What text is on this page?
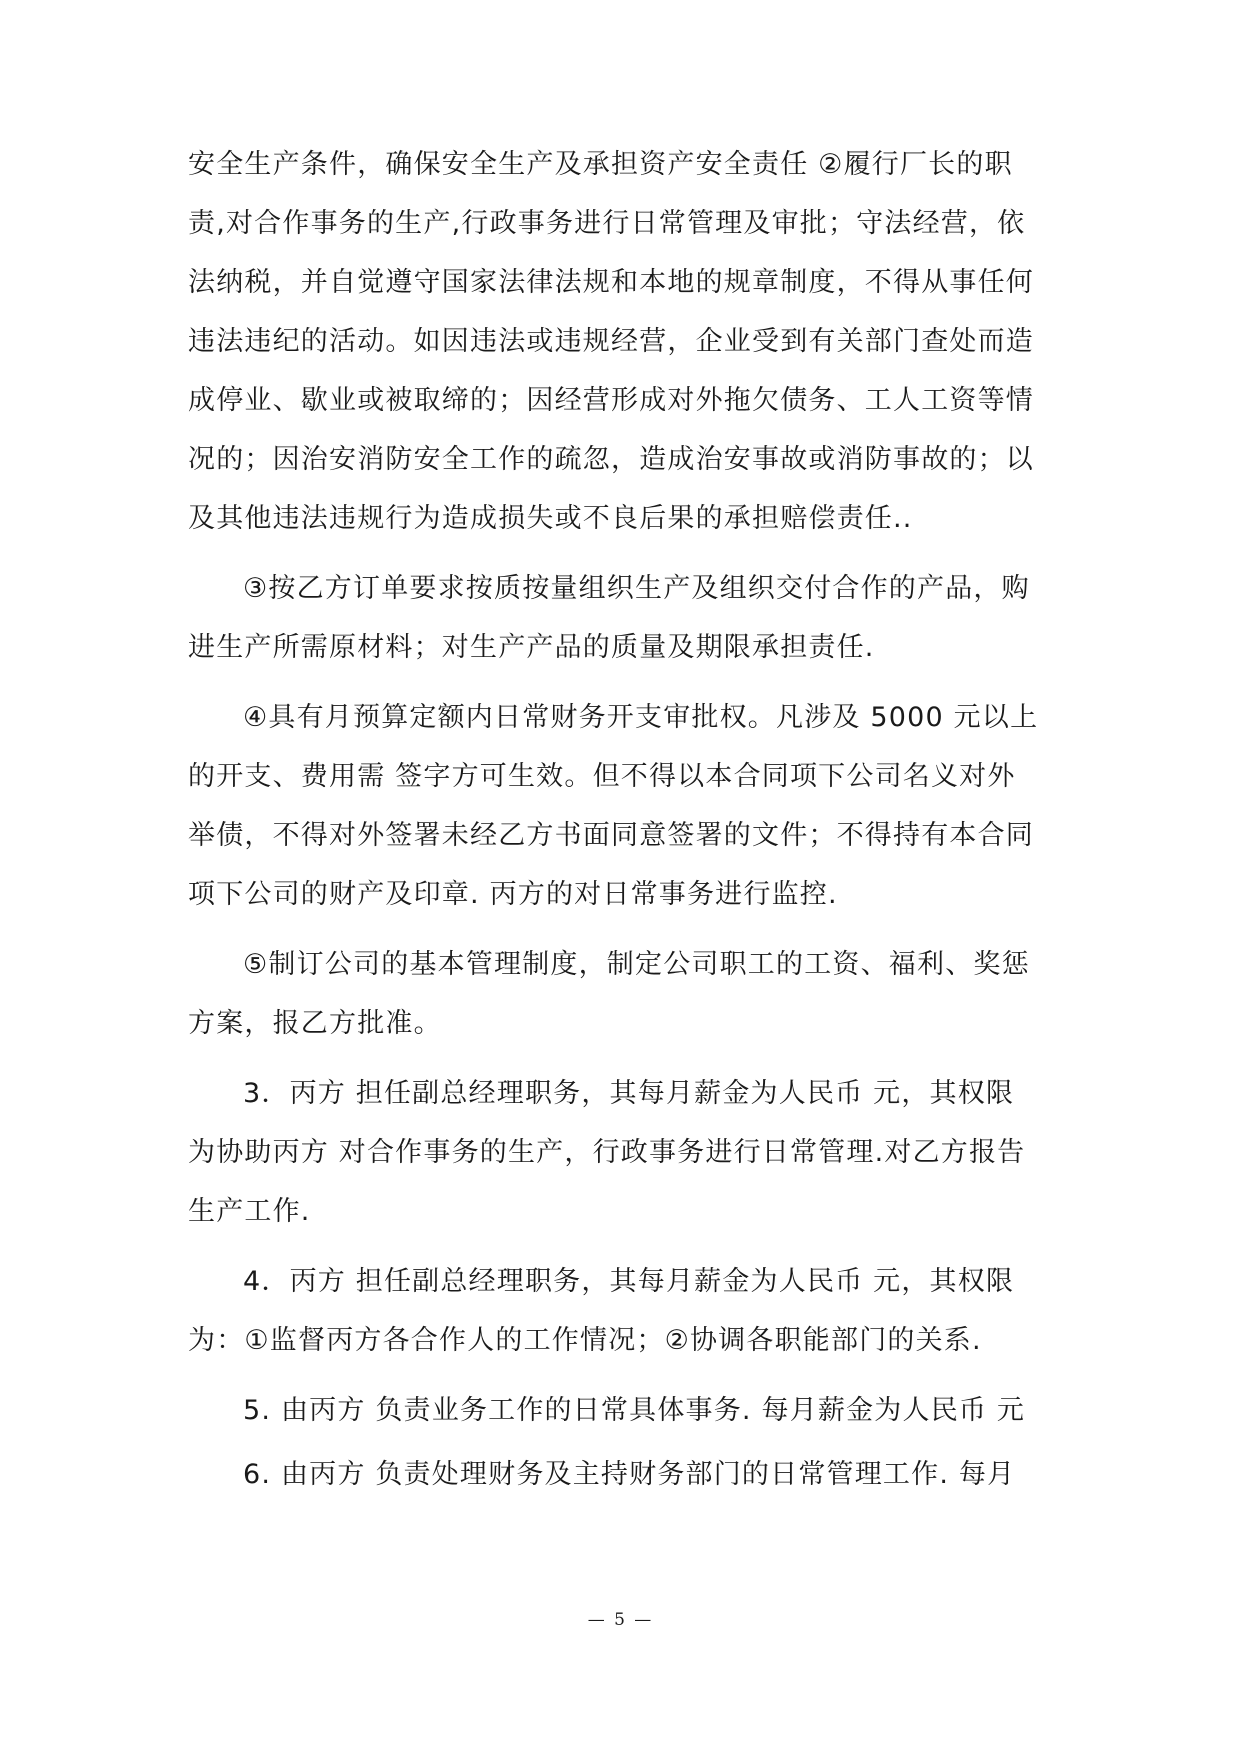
安全生产条件，确保安全生产及承担资产安全责任 ②履行厂长的职
责,对合作事务的生产,行政事务进行日常管理及审批；守法经营，依
法纳税，并自觉遵守国家法律法规和本地的规章制度，不得从事任何
违法违纪的活动。如因违法或违规经营，企业受到有关部门查处而造
成停业、歇业或被取缔的；因经营形成对外拖欠债务、工人工资等情
况的；因治安消防安全工作的疏忽，造成治安事故或消防事故的；以
及其他违法违规行为造成损失或不良后果的承担赔偿责任..
③按乙方订单要求按质按量组织生产及组织交付合作的产品，购
进生产所需原材料；对生产产品的质量及期限承担责任.
④具有月预算定额内日常财务开支审批权。凡涉及 5000 元以上
的开支、费用需 签字方可生效。但不得以本合同项下公司名义对外
举债，不得对外签署未经乙方书面同意签署的文件；不得持有本合同
项下公司的财产及印章. 丙方的对日常事务进行监控.
⑤制订公司的基本管理制度，制定公司职工的工资、福利、奖惩
方案，报乙方批准。
3．丙方 担任副总经理职务，其每月薪金为人民币 元，其权限
为协助丙方 对合作事务的生产，行政事务进行日常管理.对乙方报告
生产工作.
4．丙方 担任副总经理职务，其每月薪金为人民币 元，其权限
为：①监督丙方各合作人的工作情况；②协调各职能部门的关系.
5. 由丙方 负责业务工作的日常具体事务. 每月薪金为人民币 元
6. 由丙方 负责处理财务及主持财务部门的日常管理工作. 每月
— 5 —
